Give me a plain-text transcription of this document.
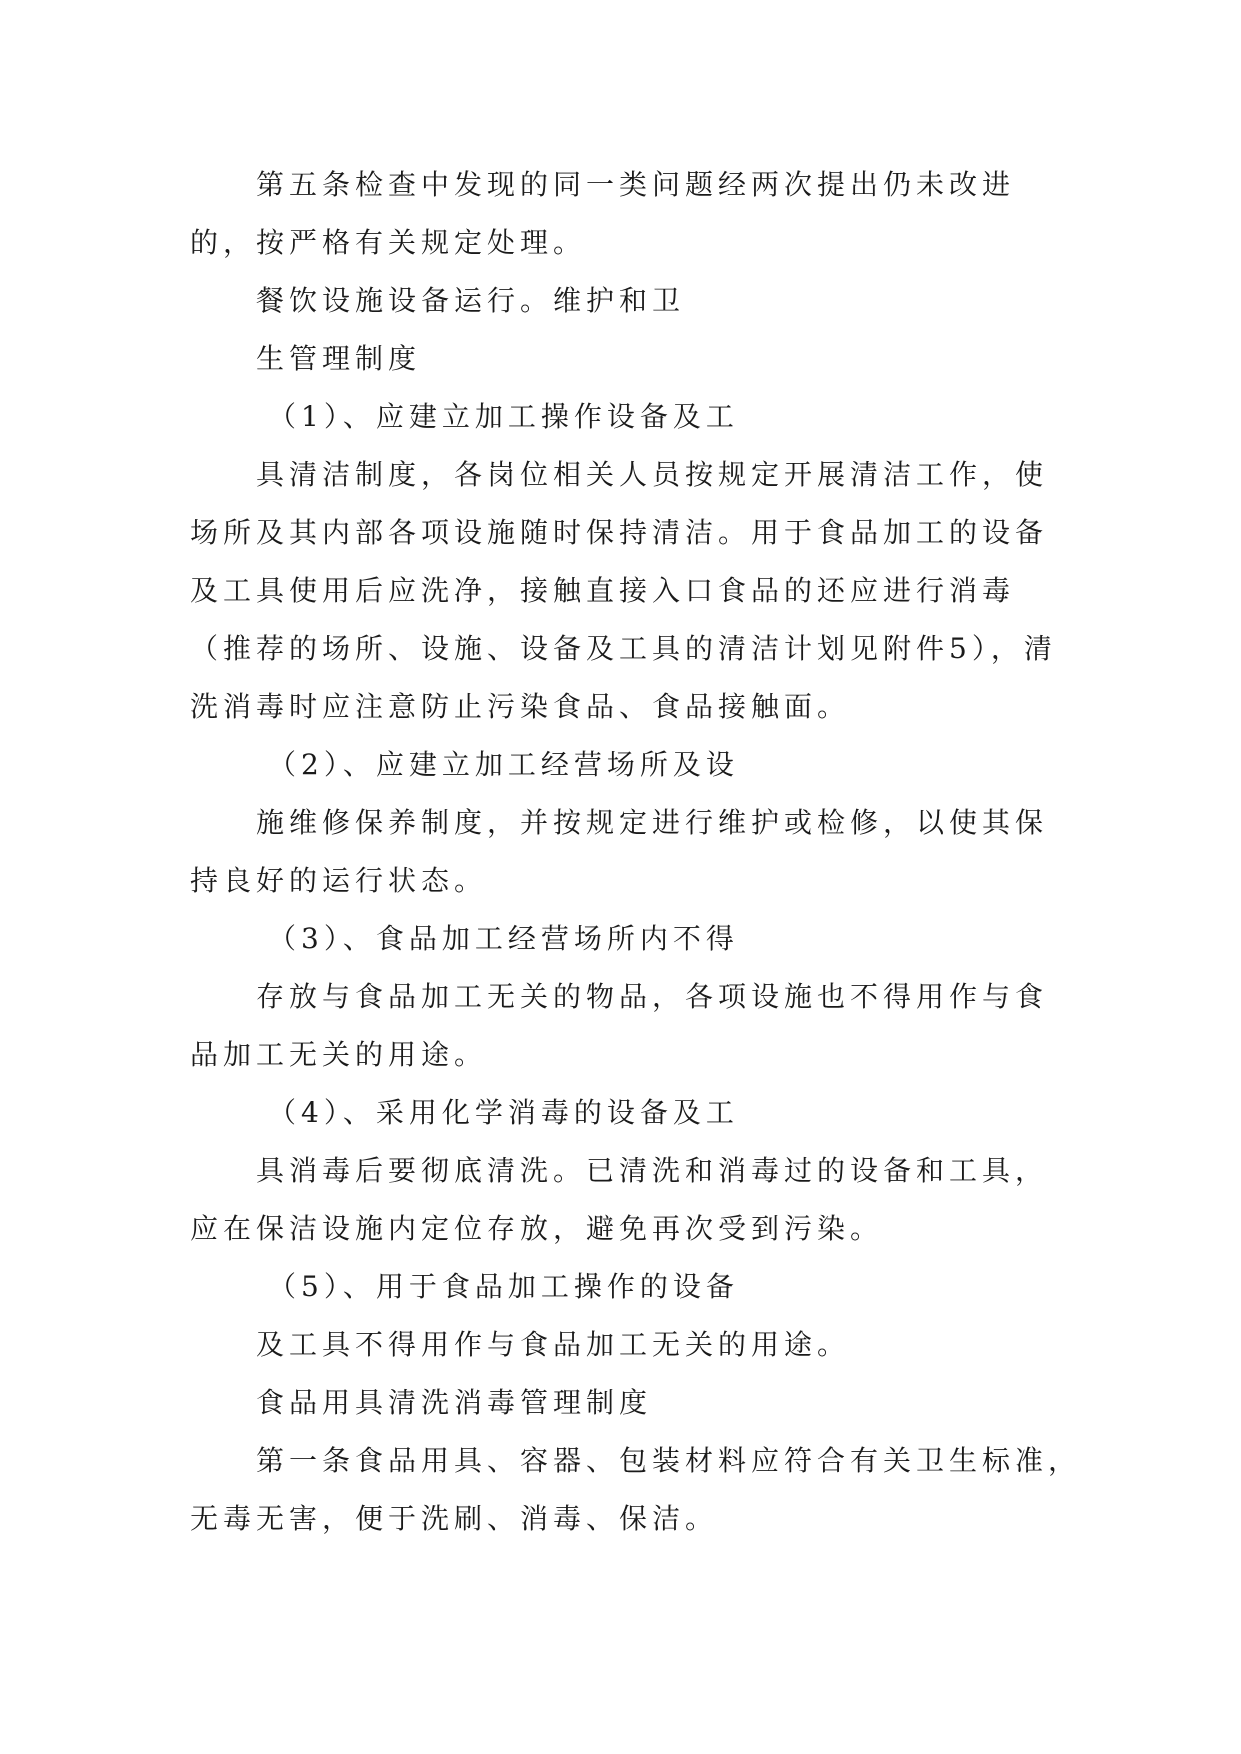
第五条检查中发现的同一类问题经两次提出仍未改进
的，按严格有关规定处理。
餐饮设施设备运行。维护和卫
生管理制度
（1）、应建立加工操作设备及工
具清洁制度，各岗位相关人员按规定开展清洁工作，使
场所及其内部各项设施随时保持清洁。用于食品加工的设备
及工具使用后应洗净，接触直接入口食品的还应进行消毒
（推荐的场所、设施、设备及工具的清洁计划见附件5），清
洗消毒时应注意防止污染食品、食品接触面。
（2）、应建立加工经营场所及设
施维修保养制度，并按规定进行维护或检修，以使其保
持良好的运行状态。
（3）、食品加工经营场所内不得
存放与食品加工无关的物品，各项设施也不得用作与食
品加工无关的用途。
（4）、采用化学消毒的设备及工
具消毒后要彻底清洗。已清洗和消毒过的设备和工具，
应在保洁设施内定位存放，避免再次受到污染。
（5）、用于食品加工操作的设备
及工具不得用作与食品加工无关的用途。
食品用具清洗消毒管理制度
第一条食品用具、容器、包装材料应符合有关卫生标准，
无毒无害，便于洗刷、消毒、保洁。
